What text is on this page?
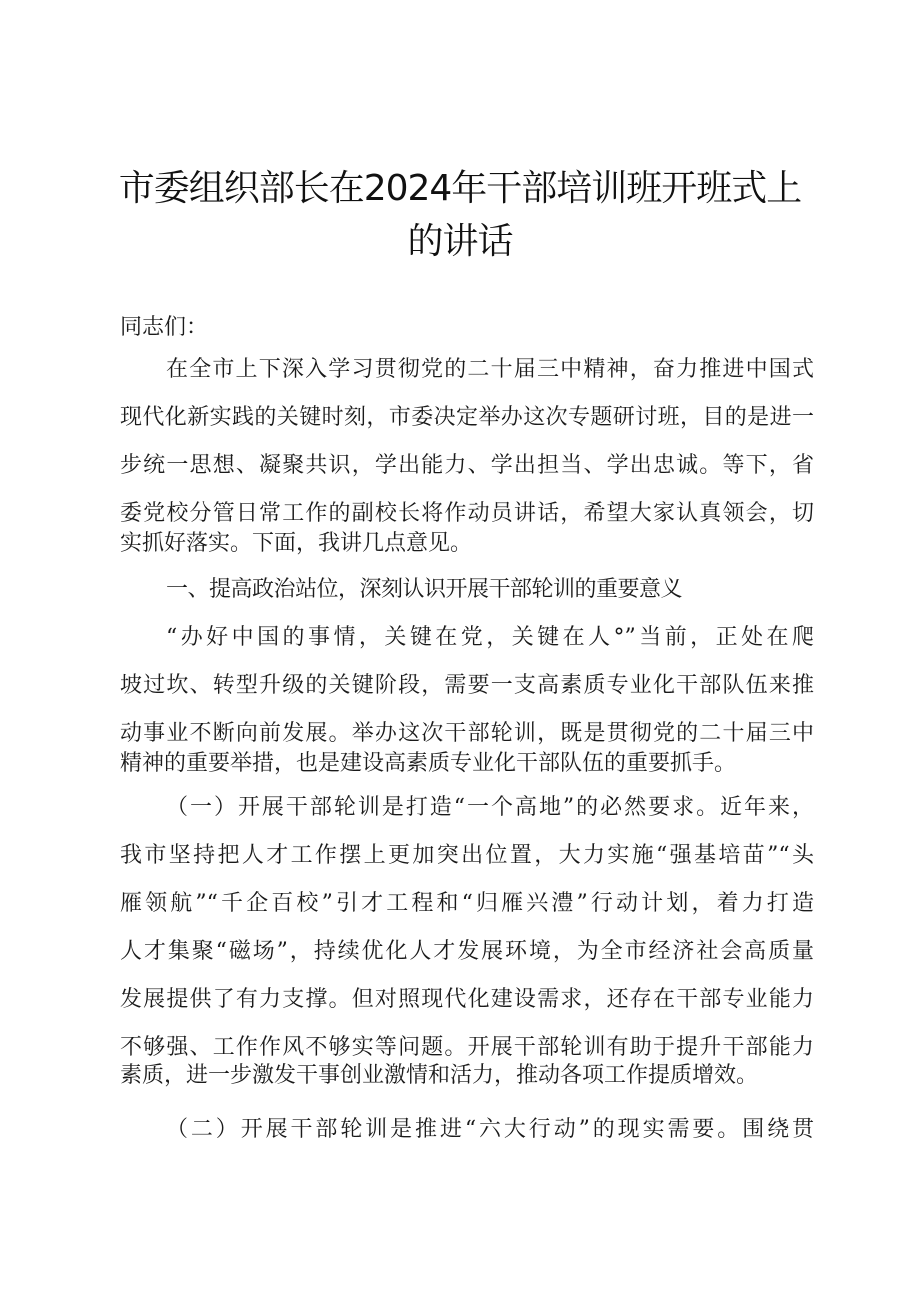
市委组织部长在2024年干部培训班开班式上
的讲话
同志们：
在全市上下深入学习贯彻党的二十届三中精神，奋力推进中国式
现代化新实践的关键时刻，市委决定举办这次专题研讨班，目的是进一
步统一思想、凝聚共识，学出能力、学出担当、学出忠诚。等下，省
委党校分管日常工作的副校长将作动员讲话，希望大家认真领会，切
实抓好落实。下面，我讲几点意见。
一、提高政治站位，深刻认识开展干部轮训的重要意义
“办好中国的事情，关键在党，关键在人°”当前，正处在爬
坡过坎、转型升级的关键阶段，需要一支高素质专业化干部队伍来推
动事业不断向前发展。举办这次干部轮训，既是贯彻党的二十届三中
精神的重要举措，也是建设高素质专业化干部队伍的重要抓手。
（一）开展干部轮训是打造“一个高地”的必然要求。近年来，
我市坚持把人才工作摆上更加突出位置，大力实施“强基培苗”“头
雁领航”“千企百校”引才工程和“归雁兴澧”行动计划，着力打造
人才集聚“磁场”，持续优化人才发展环境，为全市经济社会高质量
发展提供了有力支撑。但对照现代化建设需求，还存在干部专业能力
不够强、工作作风不够实等问题。开展干部轮训有助于提升干部能力
素质，进一步激发干事创业激情和活力，推动各项工作提质增效。
（二）开展干部轮训是推进“六大行动”的现实需要。围绕贯
